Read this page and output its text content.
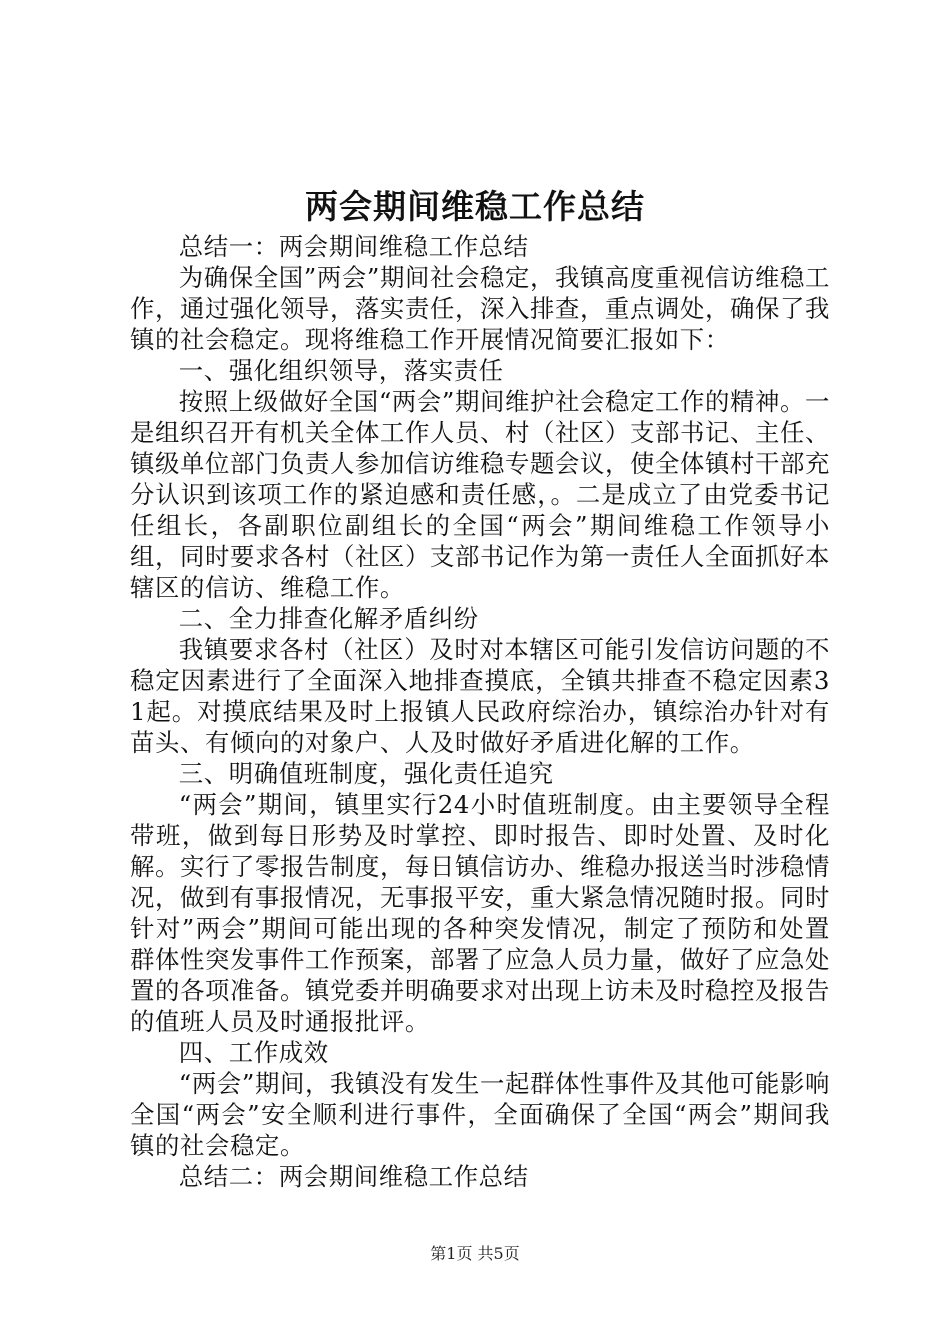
两会期间维稳工作总结

总结一：两会期间维稳工作总结

为确保全国”两会”期间社会稳定，我镇高度重视信访维稳工作，通过强化领导，落实责任，深入排查，重点调处，确保了我镇的社会稳定。现将维稳工作开展情况简要汇报如下：

一、强化组织领导，落实责任

按照上级做好全国“两会”期间维护社会稳定工作的精神。一是组织召开有机关全体工作人员、村（社区）支部书记、主任、镇级单位部门负责人参加信访维稳专题会议，使全体镇村干部充分认识到该项工作的紧迫感和责任感，。二是成立了由党委书记任组长，各副职位副组长的全国“两会”期间维稳工作领导小组，同时要求各村（社区）支部书记作为第一责任人全面抓好本辖区的信访、维稳工作。

二、全力排查化解矛盾纠纷

我镇要求各村（社区）及时对本辖区可能引发信访问题的不稳定因素进行了全面深入地排查摸底，全镇共排查不稳定因素31起。对摸底结果及时上报镇人民政府综治办，镇综治办针对有苗头、有倾向的对象户、人及时做好矛盾进化解的工作。

三、明确值班制度，强化责任追究

“两会”期间，镇里实行24小时值班制度。由主要领导全程带班，做到每日形势及时掌控、即时报告、即时处置、及时化解。实行了零报告制度，每日镇信访办、维稳办报送当时涉稳情况，做到有事报情况，无事报平安，重大紧急情况随时报。同时针对”两会”期间可能出现的各种突发情况，制定了预防和处置群体性突发事件工作预案，部署了应急人员力量，做好了应急处置的各项准备。镇党委并明确要求对出现上访未及时稳控及报告的值班人员及时通报批评。

四、工作成效

“两会”期间，我镇没有发生一起群体性事件及其他可能影响全国“两会”安全顺利进行事件，全面确保了全国“两会”期间我镇的社会稳定。

总结二：两会期间维稳工作总结

第1页 共5页
